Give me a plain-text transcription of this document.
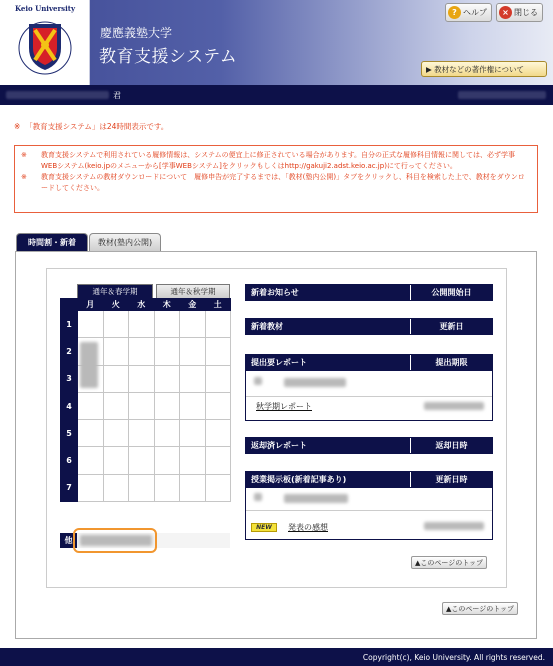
Keio University
慶應義塾大学
教育支援システム
? ヘルプ	× 閉じる
▶ 教材などの著作権について
君
※ 「教育支援システム」は24時間表示です。
※	教育支援システムで利用されている履修情報は、システムの便宜上に修正されている場合があります。自分の正式な履修科目情報に関しては、必ず学事WEBシステム(keio.jpのメニューから[学事WEBシステム]をクリックもしくはhttp://gakuji2.adst.keio.ac.jp)にて行ってください。
※	教育支援システムの教材ダウンロードについて　履修申告が完了するまでは、「教材(塾内公開)」タブをクリックし、科目を検索した上で、教材をダウンロードしてください。
時間割・新着	教材(塾内公開)
通年＆春学期	通年＆秋学期
	月	火	水	木	金	土
1						
2						
3						
4						
5						
6						
7						
他
新着お知らせ	公開開始日
新着教材	更新日
提出要レポート	提出期限
秋学期レポート
返却済レポート	返却日時
授業掲示板(新着記事あり)	更新日時
NEW	発表の感想
▲このページのトップ
▲このページのトップ
Copyright(c), Keio University. All rights reserved.
